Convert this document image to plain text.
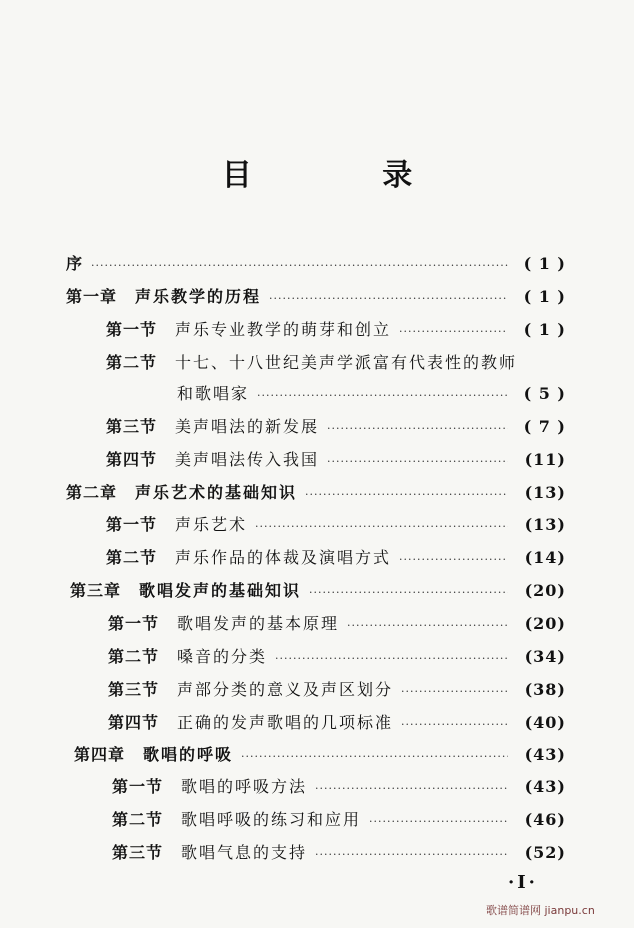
目 录
序 ·····	( 1 )
第一章 声乐教学的历程 ·····	( 1 )
第一节 声乐专业教学的萌芽和创立 ·····	( 1 )
第二节 十七、十八世纪美声学派富有代表性的教师
和歌唱家 ·····	( 5 )
第三节 美声唱法的新发展 ·····	( 7 )
第四节 美声唱法传入我国 ·····	(11)
第二章 声乐艺术的基础知识 ·····	(13)
第一节 声乐艺术 ·····	(13)
第二节 声乐作品的体裁及演唱方式 ·····	(14)
第三章 歌唱发声的基础知识 ·····	(20)
第一节 歌唱发声的基本原理 ·····	(20)
第二节 嗓音的分类 ·····	(34)
第三节 声部分类的意义及声区划分 ·····	(38)
第四节 正确的发声歌唱的几项标准 ·····	(40)
第四章 歌唱的呼吸 ·····	(43)
第一节 歌唱的呼吸方法 ·····	(43)
第二节 歌唱呼吸的练习和应用 ·····	(46)
第三节 歌唱气息的支持 ·····	(52)
·Ⅰ·
歌谱简谱网 jianpu.cn
